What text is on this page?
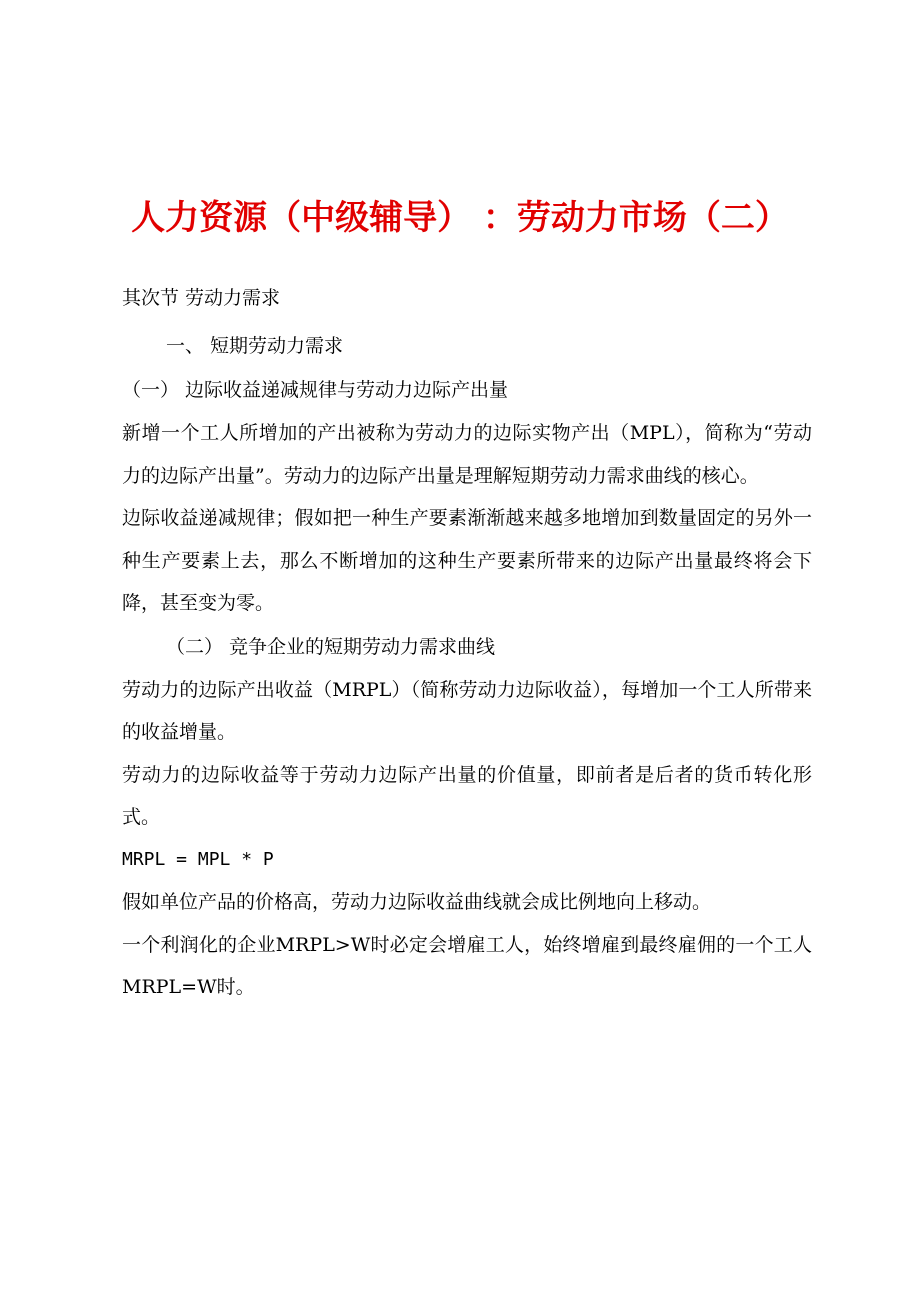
人力资源（中级辅导） ：劳动力市场（二）
其次节 劳动力需求
一、 短期劳动力需求
（一） 边际收益递减规律与劳动力边际产出量
新增一个工人所增加的产出被称为劳动力的边际实物产出（MPL），简称为“劳动力的边际产出量”。劳动力的边际产出量是理解短期劳动力需求曲线的核心。
边际收益递减规律；假如把一种生产要素渐渐越来越多地增加到数量固定的另外一种生产要素上去，那么不断增加的这种生产要素所带来的边际产出量最终将会下降，甚至变为零。
（二） 竞争企业的短期劳动力需求曲线
劳动力的边际产出收益（MRPL）（简称劳动力边际收益），每增加一个工人所带来的收益增量。
劳动力的边际收益等于劳动力边际产出量的价值量，即前者是后者的货币转化形式。
MRPL = MPL * P
假如单位产品的价格高，劳动力边际收益曲线就会成比例地向上移动。
一个利润化的企业MRPL>W时必定会增雇工人，始终增雇到最终雇佣的一个工人MRPL=W时。
